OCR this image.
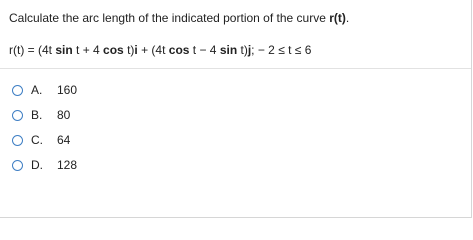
Calculate the arc length of the indicated portion of the curve r(t).
r(t) = (4t sin t + 4 cos t)i + (4t cos t − 4 sin t)j; − 2 ≤ t ≤ 6
A.	160
B.	80
C.	64
D.	128
